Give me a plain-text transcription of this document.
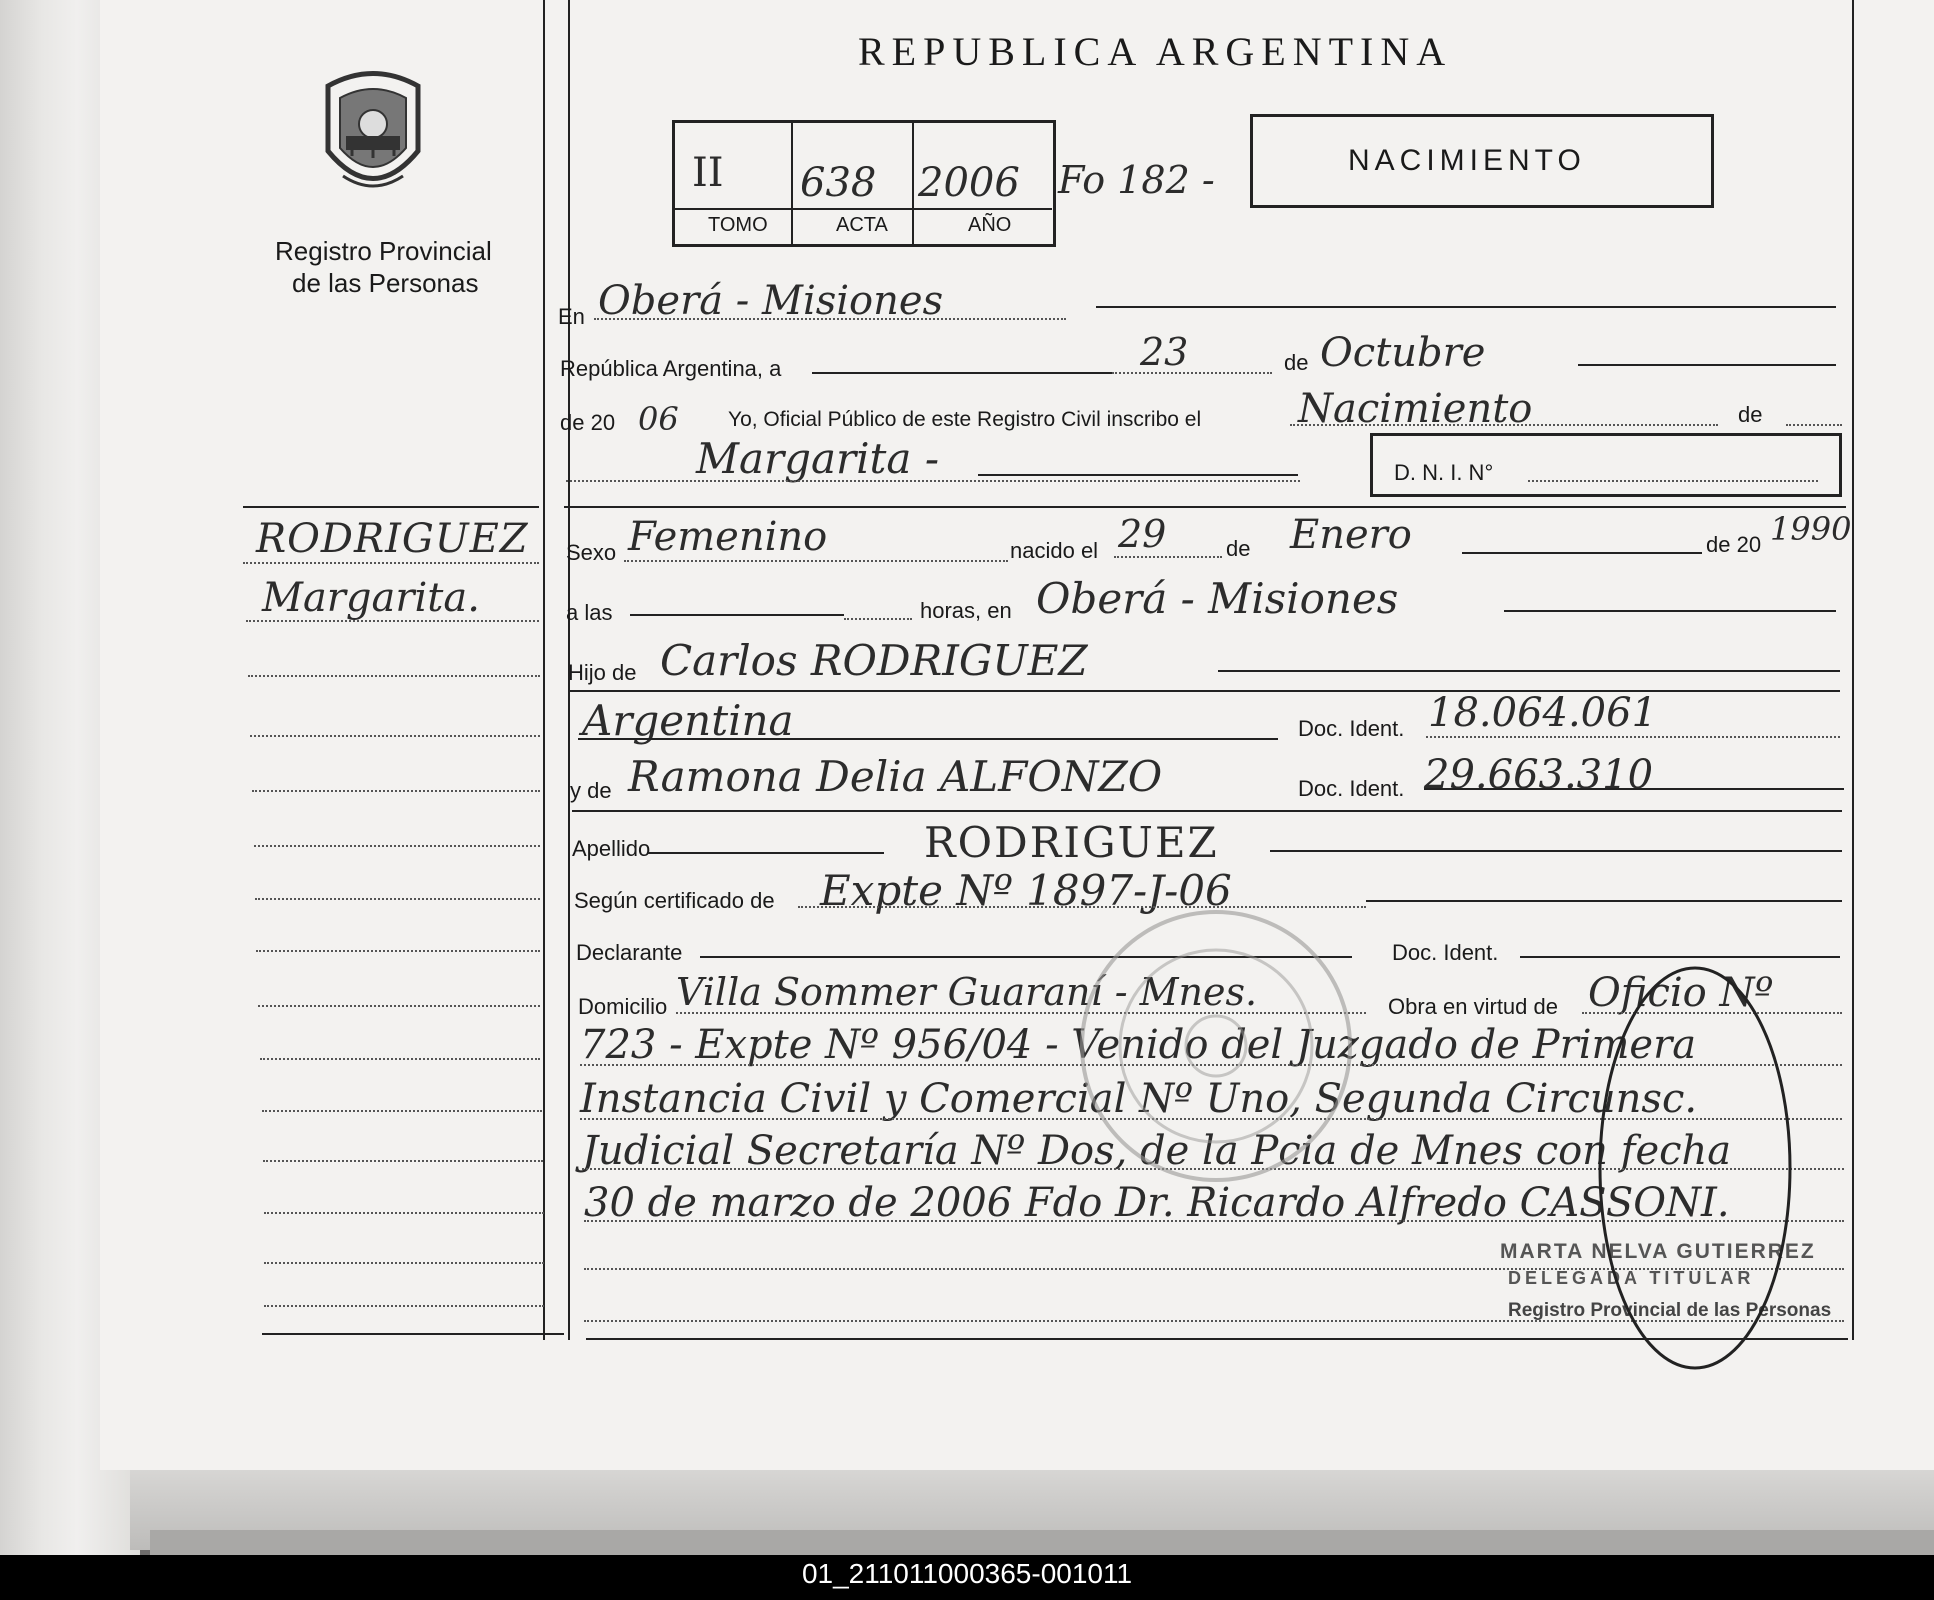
Registro Provincial
de las Personas
RODRIGUEZ
Margarita.
REPUBLICA ARGENTINA
II 638 2006 Fo 182 -
TOMO	ACTA	AÑO
NACIMIENTO
En Oberá - Misiones
República Argentina, a	23	de Octubre
de 20 06 Yo, Oficial Público de este Registro Civil inscribo el Nacimiento	de
Margarita -	D. N. I. N°
Sexo Femenino	nacido el 29	de Enero	de 20 1990
a las	horas, en Oberá - Misiones
Hijo de Carlos RODRIGUEZ
Argentina	Doc. Ident. 18.064.061
y de Ramona Delia ALFONZO	Doc. Ident. 29.663.310
Apellido	RODRIGUEZ
Según certificado de Expte Nº 1897-J-06
Declarante	Doc. Ident.
Domicilio Villa Sommer Guaraní - Mnes.	Obra en virtud de Oficio Nº
723 - Expte Nº 956/04 - Venido del Juzgado de Primera
Instancia Civil y Comercial Nº Uno, Segunda Circunsc.
Judicial Secretaría Nº Dos, de la Pcia de Mnes con fecha
30 de marzo de 2006 Fdo Dr. Ricardo Alfredo CASSONI.
MARTA NELVA GUTIERREZ
DELEGADA TITULAR
Registro Provincial de las Personas
01_211011000365-001011
